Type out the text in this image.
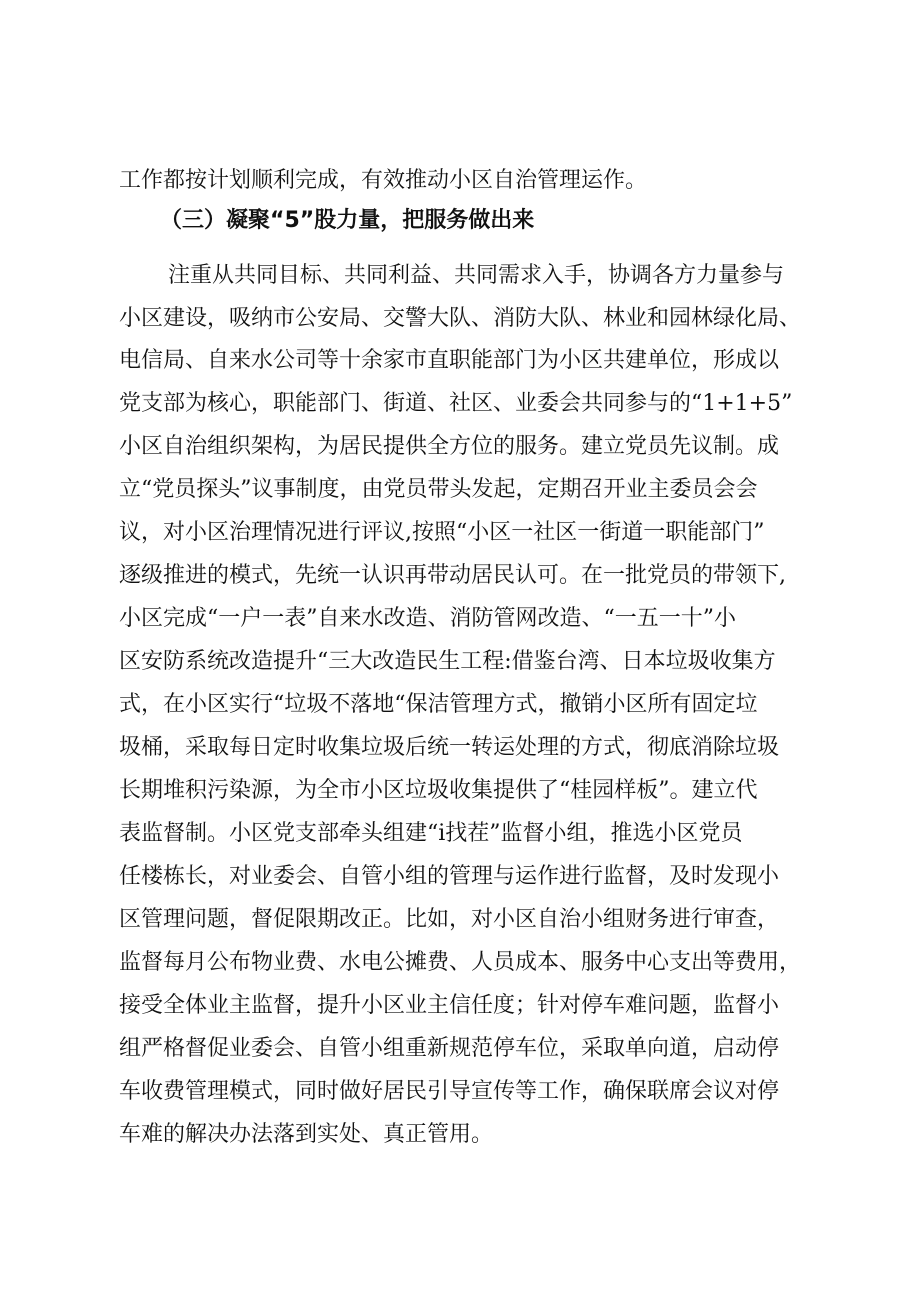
工作都按计划顺利完成，有效推动小区自治管理运作。
（三）凝聚“5”股力量，把服务做出来
注重从共同目标、共同利益、共同需求入手，协调各方力量参与
小区建设，吸纳市公安局、交警大队、消防大队、林业和园林绿化局、
电信局、自来水公司等十余家市直职能部门为小区共建单位，形成以
党支部为核心，职能部门、街道、社区、业委会共同参与的“1+1+5”
小区自治组织架构，为居民提供全方位的服务。建立党员先议制。成
立“党员探头”议事制度，由党员带头发起，定期召开业主委员会会
议，对小区治理情况进行评议,按照“小区一社区一街道一职能部门”
逐级推进的模式，先统一认识再带动居民认可。在一批党员的带领下,
小区完成“一户一表”自来水改造、消防管网改造、“一五一十”小
区安防系统改造提升“三大改造民生工程:借鉴台湾、日本垃圾收集方
式，在小区实行“垃圾不落地“保洁管理方式，撤销小区所有固定垃
圾桶，采取每日定时收集垃圾后统一转运处理的方式，彻底消除垃圾
长期堆积污染源，为全市小区垃圾收集提供了“桂园样板”。建立代
表监督制。小区党支部牵头组建“i找茬”监督小组，推选小区党员
任楼栋长，对业委会、自管小组的管理与运作进行监督，及时发现小
区管理问题，督促限期改正。比如，对小区自治小组财务进行审查，
监督每月公布物业费、水电公摊费、人员成本、服务中心支出等费用，
接受全体业主监督，提升小区业主信任度；针对停车难问题，监督小
组严格督促业委会、自管小组重新规范停车位，采取单向道，启动停
车收费管理模式，同时做好居民引导宣传等工作，确保联席会议对停
车难的解决办法落到实处、真正管用。
